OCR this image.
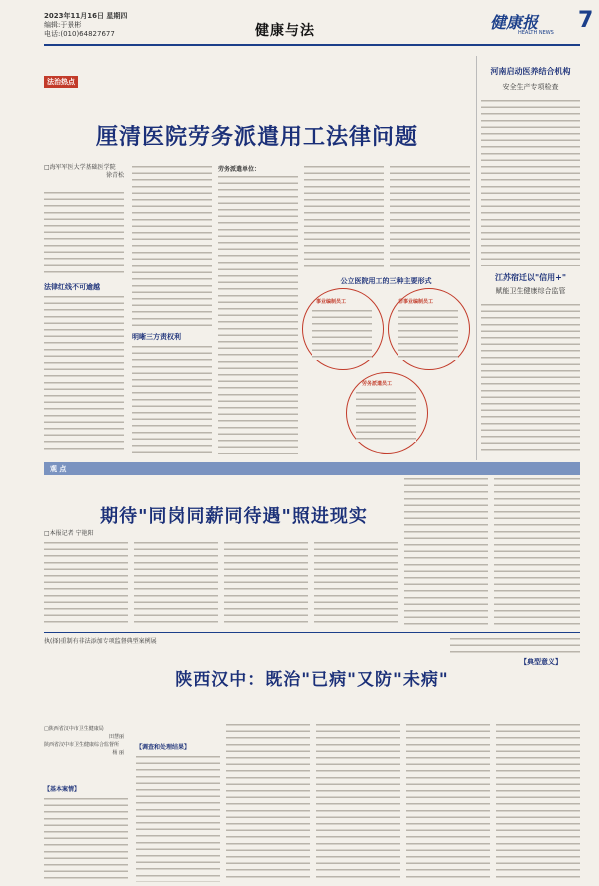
2023年11月16日 星期四
编辑:于景彬
电话:(010)64827677	健康与法	健康报
HEALTH NEWS 7
法治热点
厘清医院劳务派遣用工法律问题
□海军军医大学基础医学院
徐青松
法律红线不可逾越
明晰三方责权利
劳务派遣单位：
公立医院用工的三种主要形式
事业编制员工	非事业编制员工
劳务派遣员工
河南启动医养结合机构
安全生产专项检查
江苏宿迁以"信用+"
赋能卫生健康综合监管
观 点
期待"同岗同薪同待遇"照进现实
□本报记者 宁艳阳
执(择)重制有非法添加专项监督典型案例展
【典型意义】
陕西汉中：既治"已病"又防"未病"
□陕西省汉中市卫生健康局
田慧丽
陕西省汉中市卫生健康综合监督所
杨 丽
【基本案情】
【调查和处理结果】
